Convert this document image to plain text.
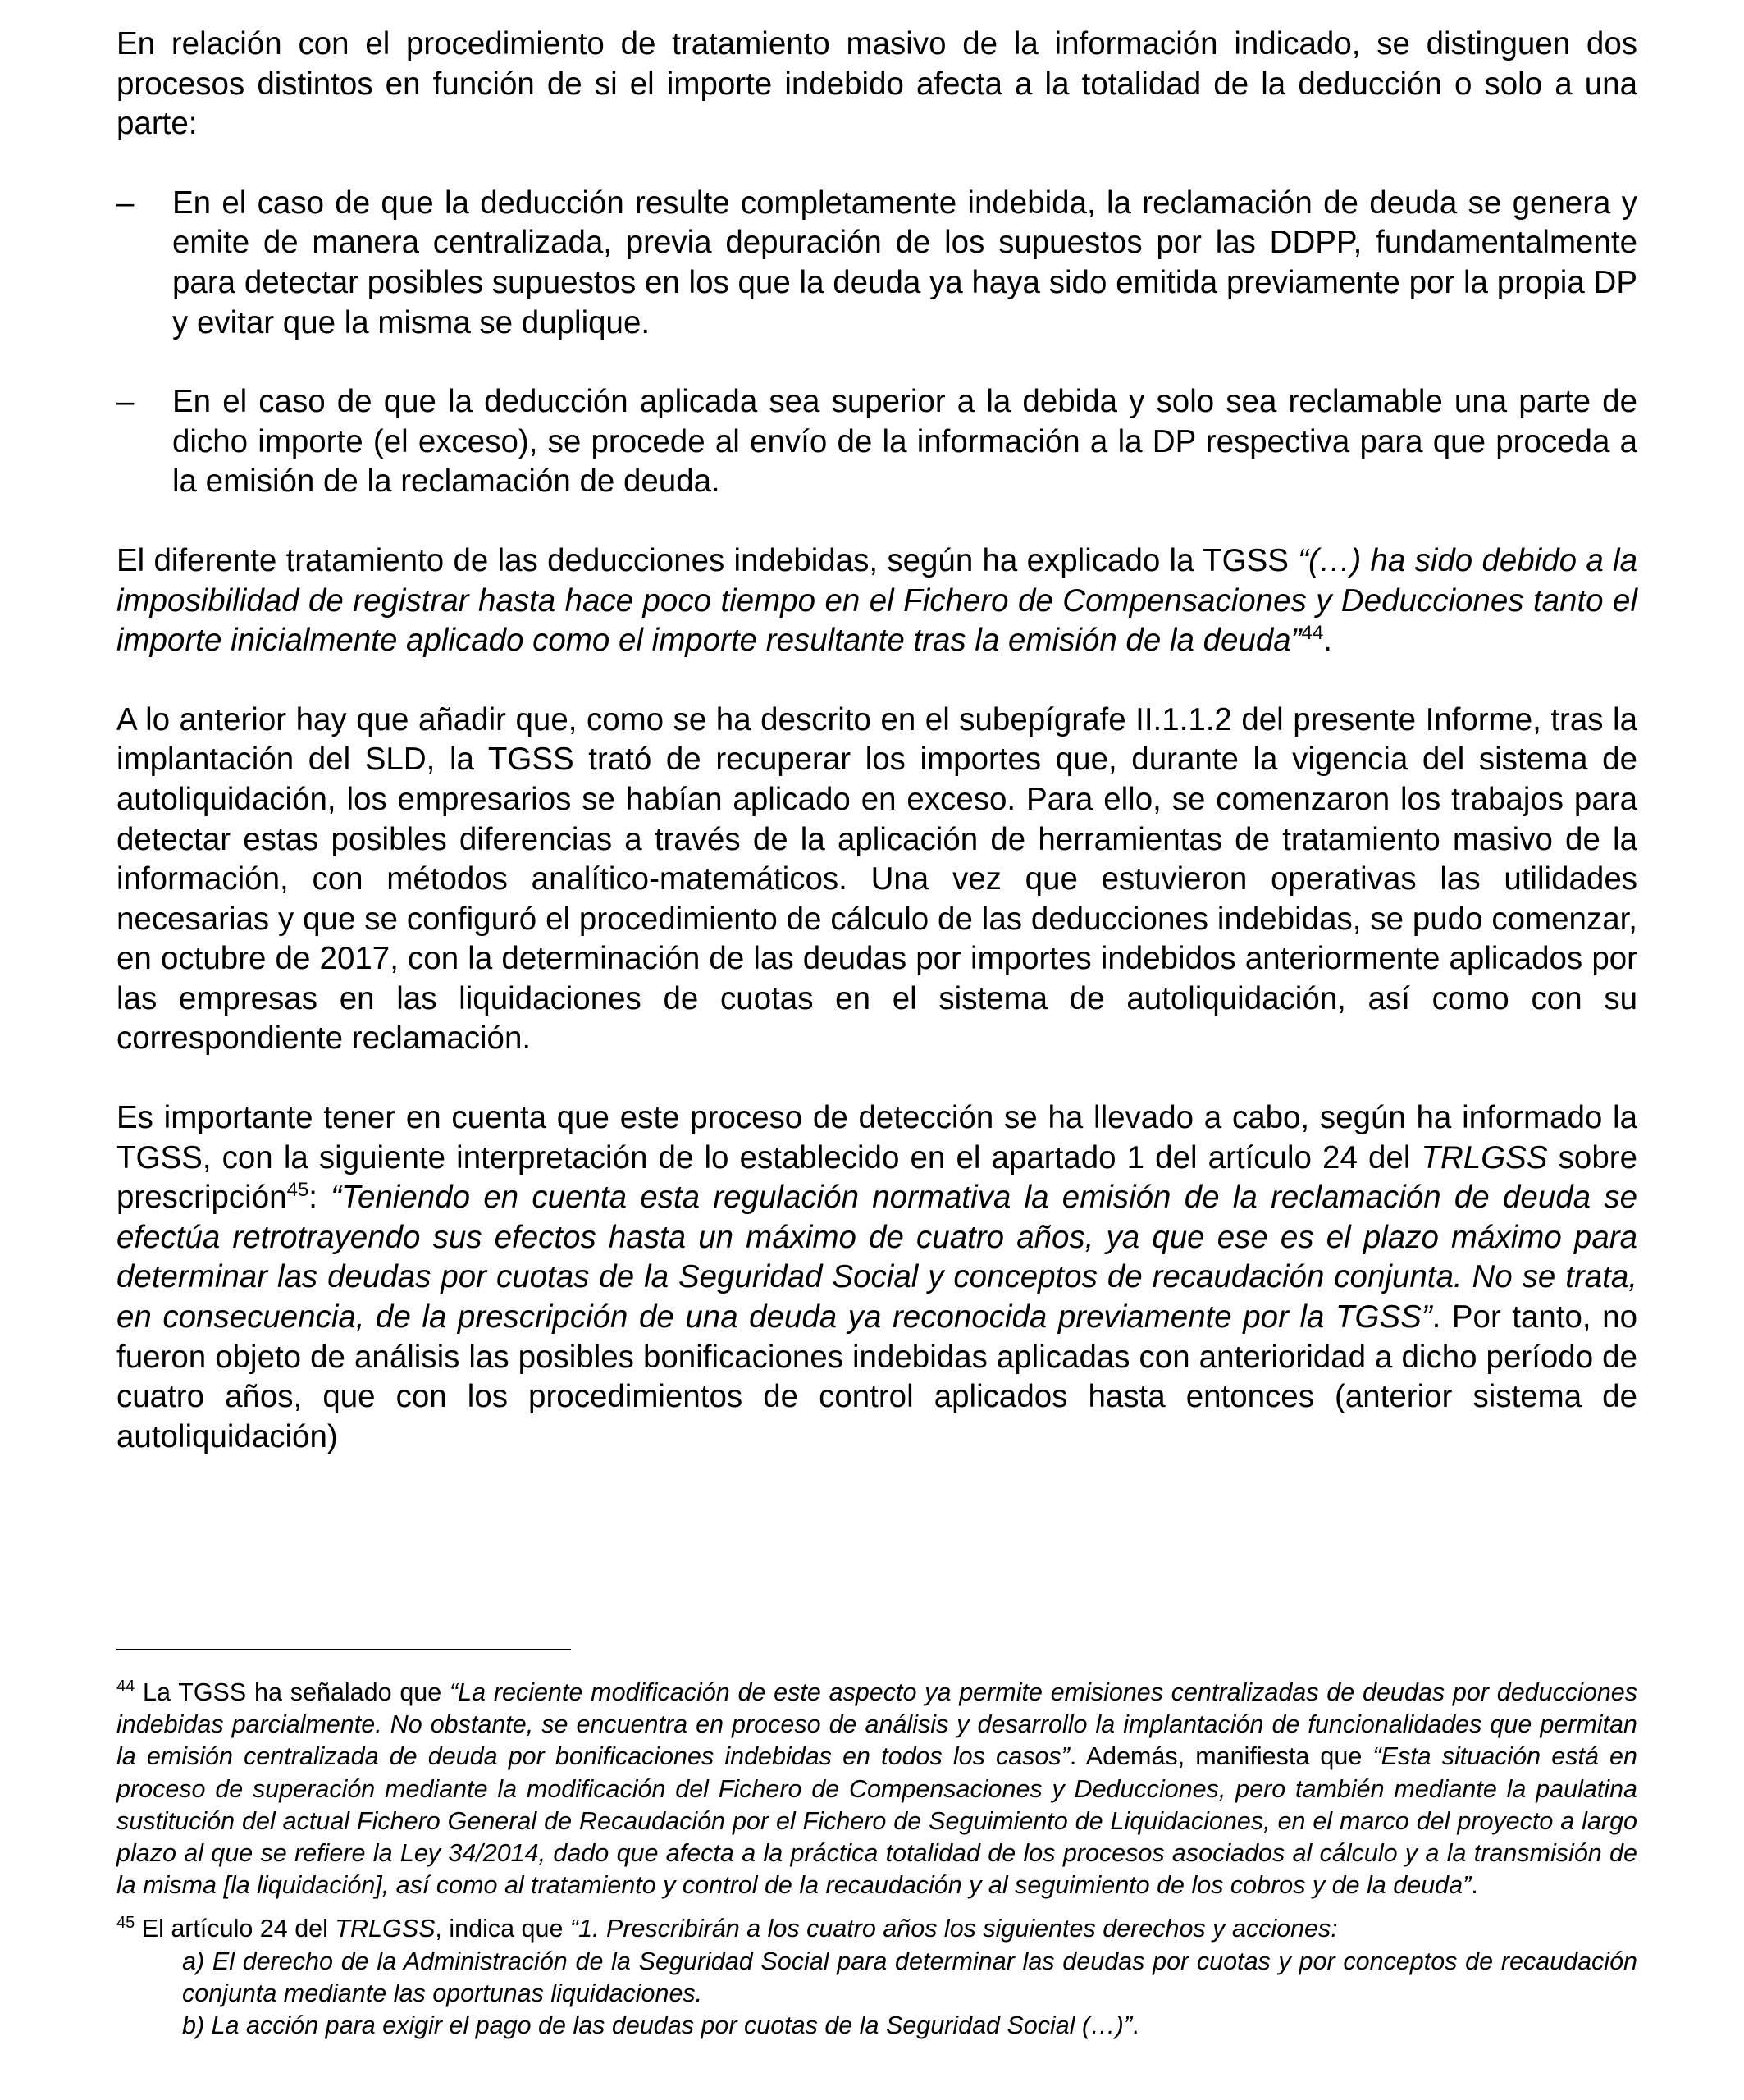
En relación con el procedimiento de tratamiento masivo de la información indicado, se distinguen dos procesos distintos en función de si el importe indebido afecta a la totalidad de la deducción o solo a una parte:

– En el caso de que la deducción resulte completamente indebida, la reclamación de deuda se genera y emite de manera centralizada, previa depuración de los supuestos por las DDPP, fundamentalmente para detectar posibles supuestos en los que la deuda ya haya sido emitida previamente por la propia DP y evitar que la misma se duplique.

– En el caso de que la deducción aplicada sea superior a la debida y solo sea reclamable una parte de dicho importe (el exceso), se procede al envío de la información a la DP respectiva para que proceda a la emisión de la reclamación de deuda.

El diferente tratamiento de las deducciones indebidas, según ha explicado la TGSS “(…) ha sido debido a la imposibilidad de registrar hasta hace poco tiempo en el Fichero de Compensaciones y Deducciones tanto el importe inicialmente aplicado como el importe resultante tras la emisión de la deuda”$^{44}$.

A lo anterior hay que añadir que, como se ha descrito en el subepígrafe II.1.1.2 del presente Informe, tras la implantación del SLD, la TGSS trató de recuperar los importes que, durante la vigencia del sistema de autoliquidación, los empresarios se habían aplicado en exceso. Para ello, se comenzaron los trabajos para detectar estas posibles diferencias a través de la aplicación de herramientas de tratamiento masivo de la información, con métodos analítico-matemáticos. Una vez que estuvieron operativas las utilidades necesarias y que se configuró el procedimiento de cálculo de las deducciones indebidas, se pudo comenzar, en octubre de 2017, con la determinación de las deudas por importes indebidos anteriormente aplicados por las empresas en las liquidaciones de cuotas en el sistema de autoliquidación, así como con su correspondiente reclamación.

Es importante tener en cuenta que este proceso de detección se ha llevado a cabo, según ha informado la TGSS, con la siguiente interpretación de lo establecido en el apartado 1 del artículo 24 del TRLGSS sobre prescripción$^{45}$: “Teniendo en cuenta esta regulación normativa la emisión de la reclamación de deuda se efectúa retrotrayendo sus efectos hasta un máximo de cuatro años, ya que ese es el plazo máximo para determinar las deudas por cuotas de la Seguridad Social y conceptos de recaudación conjunta. No se trata, en consecuencia, de la prescripción de una deuda ya reconocida previamente por la TGSS”. Por tanto, no fueron objeto de análisis las posibles bonificaciones indebidas aplicadas con anterioridad a dicho período de cuatro años, que con los procedimientos de control aplicados hasta entonces (anterior sistema de autoliquidación)

$^{44}$ La TGSS ha señalado que “La reciente modificación de este aspecto ya permite emisiones centralizadas de deudas por deducciones indebidas parcialmente. No obstante, se encuentra en proceso de análisis y desarrollo la implantación de funcionalidades que permitan la emisión centralizada de deuda por bonificaciones indebidas en todos los casos”. Además, manifiesta que “Esta situación está en proceso de superación mediante la modificación del Fichero de Compensaciones y Deducciones, pero también mediante la paulatina sustitución del actual Fichero General de Recaudación por el Fichero de Seguimiento de Liquidaciones, en el marco del proyecto a largo plazo al que se refiere la Ley 34/2014, dado que afecta a la práctica totalidad de los procesos asociados al cálculo y a la transmisión de la misma [la liquidación], así como al tratamiento y control de la recaudación y al seguimiento de los cobros y de la deuda”.

$^{45}$ El artículo 24 del TRLGSS, indica que “1. Prescribirán a los cuatro años los siguientes derechos y acciones:

a) El derecho de la Administración de la Seguridad Social para determinar las deudas por cuotas y por conceptos de recaudación conjunta mediante las oportunas liquidaciones.

b) La acción para exigir el pago de las deudas por cuotas de la Seguridad Social (…)”.
